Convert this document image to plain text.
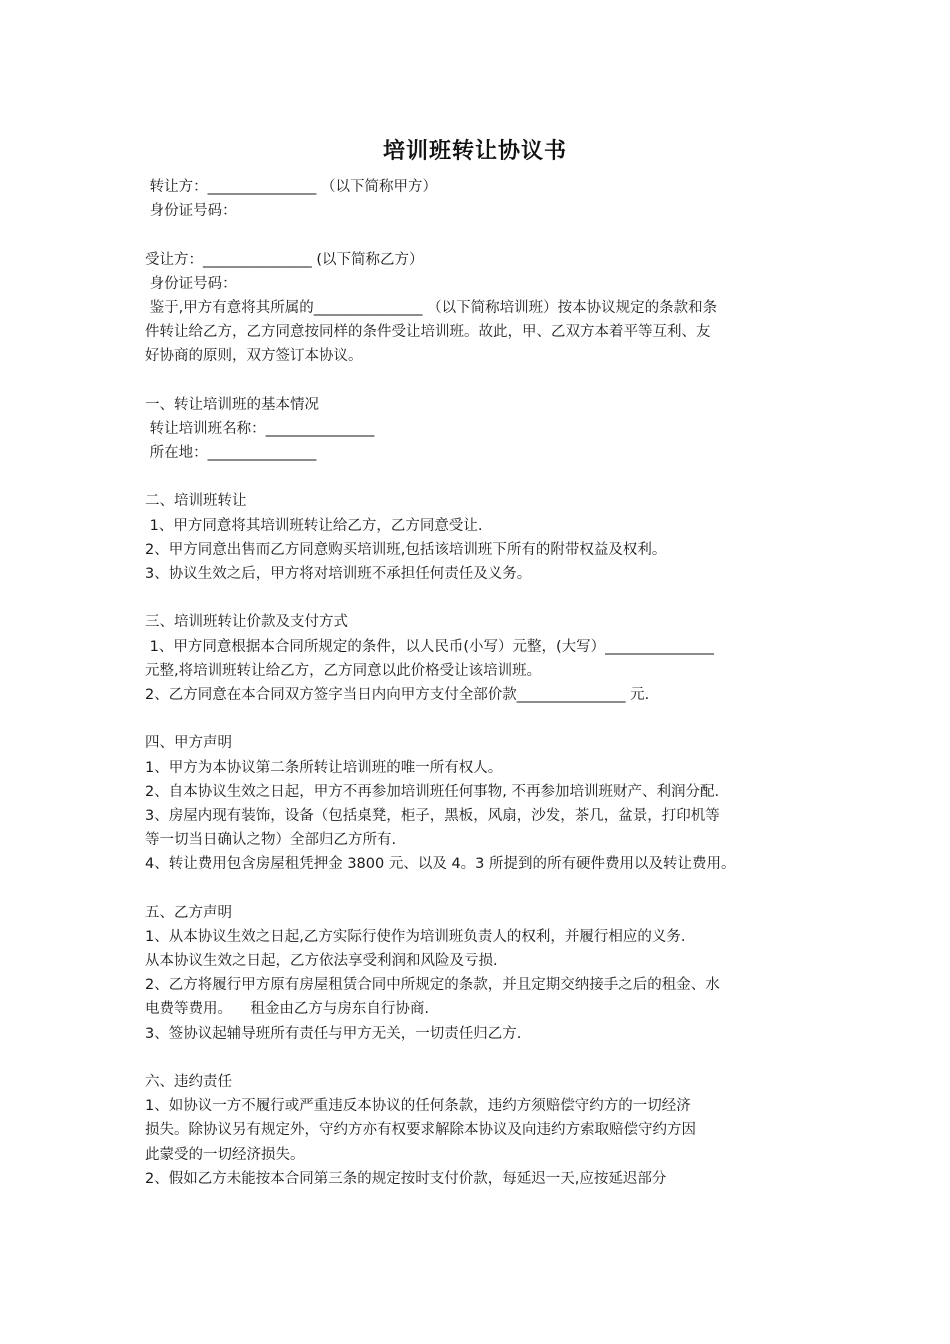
培训班转让协议书
转让方：_______________ （以下简称甲方）
身份证号码：
受让方：_______________ (以下简称乙方）
身份证号码：
鉴于,甲方有意将其所属的_______________ （以下简称培训班）按本协议规定的条款和条
件转让给乙方，乙方同意按同样的条件受让培训班。故此，甲、乙双方本着平等互利、友
好协商的原则，双方签订本协议。
一、转让培训班的基本情况
转让培训班名称：_______________
所在地：_______________
二、培训班转让
1、甲方同意将其培训班转让给乙方，乙方同意受让.
2、甲方同意出售而乙方同意购买培训班,包括该培训班下所有的附带权益及权利。
3、协议生效之后，甲方将对培训班不承担任何责任及义务。
三、培训班转让价款及支付方式
1、甲方同意根据本合同所规定的条件，以人民币(小写）元整，(大写）_______________
元整,将培训班转让给乙方，乙方同意以此价格受让该培训班。
2、乙方同意在本合同双方签字当日内向甲方支付全部价款_______________ 元.
四、甲方声明
1、甲方为本协议第二条所转让培训班的唯一所有权人。
2、自本协议生效之日起，甲方不再参加培训班任何事物, 不再参加培训班财产、利润分配.
3、房屋内现有装饰，设备（包括桌凳，柜子，黑板，风扇，沙发，茶几，盆景，打印机等
等一切当日确认之物）全部归乙方所有.
4、转让费用包含房屋租凭押金 3800 元、以及 4。3 所提到的所有硬件费用以及转让费用。
五、乙方声明
1、从本协议生效之日起,乙方实际行使作为培训班负责人的权利，并履行相应的义务.
从本协议生效之日起，乙方依法享受利润和风险及亏损.
2、乙方将履行甲方原有房屋租赁合同中所规定的条款，并且定期交纳接手之后的租金、水
电费等费用。    租金由乙方与房东自行协商.
3、签协议起辅导班所有责任与甲方无关，一切责任归乙方.
六、违约责任
1、如协议一方不履行或严重违反本协议的任何条款，违约方须赔偿守约方的一切经济
损失。除协议另有规定外，守约方亦有权要求解除本协议及向违约方索取赔偿守约方因
此蒙受的一切经济损失。
2、假如乙方未能按本合同第三条的规定按时支付价款，每延迟一天,应按延迟部分
